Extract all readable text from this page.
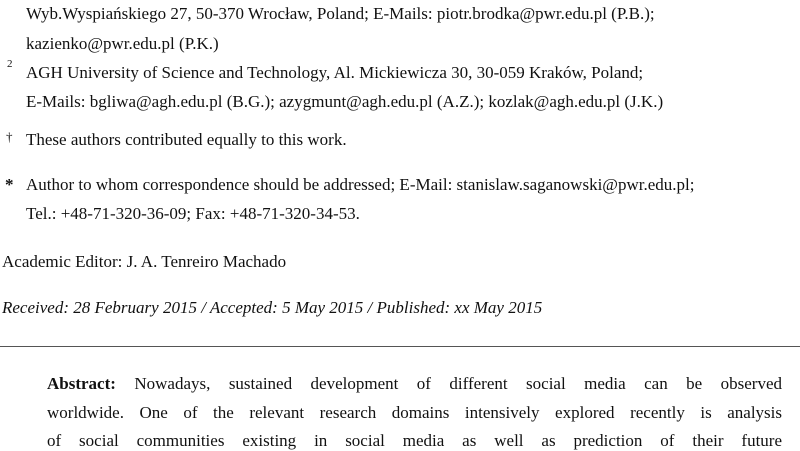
Wyb.Wyspiańskiego 27, 50-370 Wrocław, Poland; E-Mails: piotr.brodka@pwr.edu.pl (P.B.);
kazienko@pwr.edu.pl (P.K.)
2 AGH University of Science and Technology, Al. Mickiewicza 30, 30-059 Kraków, Poland;
E-Mails: bgliwa@agh.edu.pl (B.G.); azygmunt@agh.edu.pl (A.Z.); kozlak@agh.edu.pl (J.K.)
† These authors contributed equally to this work.
* Author to whom correspondence should be addressed; E-Mail: stanislaw.saganowski@pwr.edu.pl;
Tel.: +48-71-320-36-09; Fax: +48-71-320-34-53.
Academic Editor: J. A. Tenreiro Machado
Received: 28 February 2015 / Accepted: 5 May 2015 / Published: xx May 2015
Abstract: Nowadays, sustained development of different social media can be observed
worldwide. One of the relevant research domains intensively explored recently is analysis
of social communities existing in social media as well as prediction of their future
